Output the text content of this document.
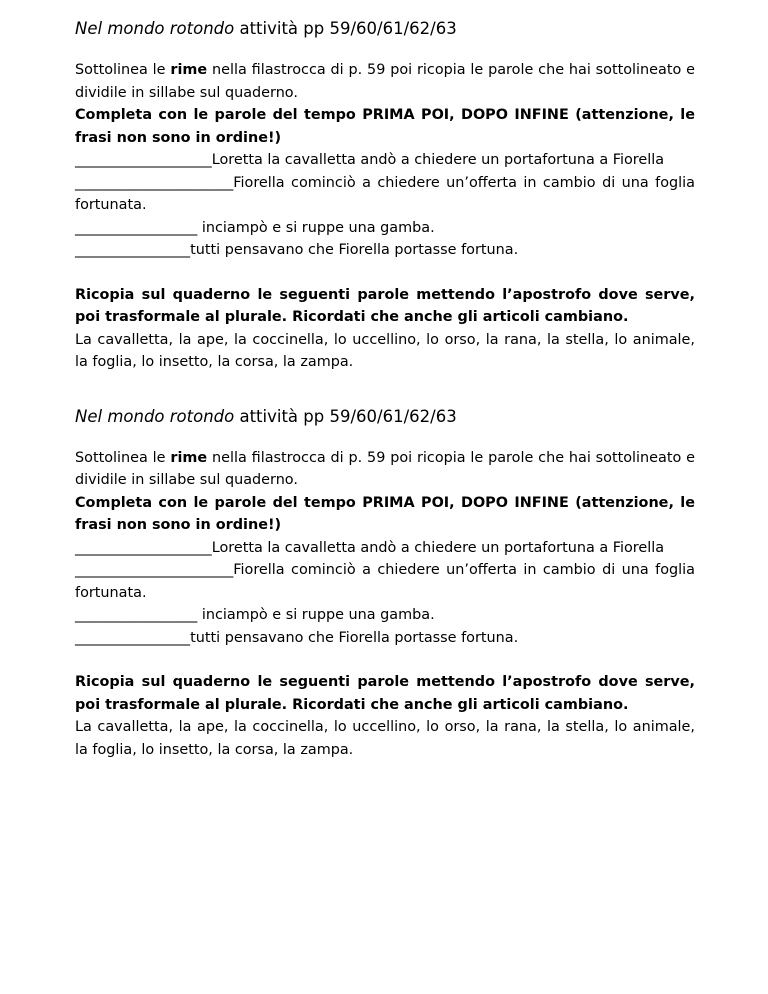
Nel mondo rotondo attività pp 59/60/61/62/63

Sottolinea le rime nella filastrocca di p. 59 poi ricopia le parole che hai sottolineato e dividile in sillabe sul quaderno.

Completa con le parole del tempo PRIMA POI, DOPO INFINE (attenzione, le frasi non sono in ordine!)

___________________Loretta la cavalletta andò a chiedere un portafortuna a Fiorella

______________________Fiorella cominciò a chiedere un’offerta in cambio di una foglia fortunata.

_________________ inciampò e si ruppe una gamba.

________________tutti pensavano che Fiorella portasse fortuna.

Ricopia sul quaderno le seguenti parole mettendo l’apostrofo dove serve, poi trasformale al plurale. Ricordati che anche gli articoli cambiano.

La cavalletta, la ape, la coccinella, lo uccellino, lo orso, la rana, la stella, lo animale, la foglia, lo insetto, la corsa, la zampa.

Nel mondo rotondo attività pp 59/60/61/62/63

Sottolinea le rime nella filastrocca di p. 59 poi ricopia le parole che hai sottolineato e dividile in sillabe sul quaderno.

Completa con le parole del tempo PRIMA POI, DOPO INFINE (attenzione, le frasi non sono in ordine!)

___________________Loretta la cavalletta andò a chiedere un portafortuna a Fiorella

______________________Fiorella cominciò a chiedere un’offerta in cambio di una foglia fortunata.

_________________ inciampò e si ruppe una gamba.

________________tutti pensavano che Fiorella portasse fortuna.

Ricopia sul quaderno le seguenti parole mettendo l’apostrofo dove serve, poi trasformale al plurale. Ricordati che anche gli articoli cambiano.

La cavalletta, la ape, la coccinella, lo uccellino, lo orso, la rana, la stella, lo animale, la foglia, lo insetto, la corsa, la zampa.
